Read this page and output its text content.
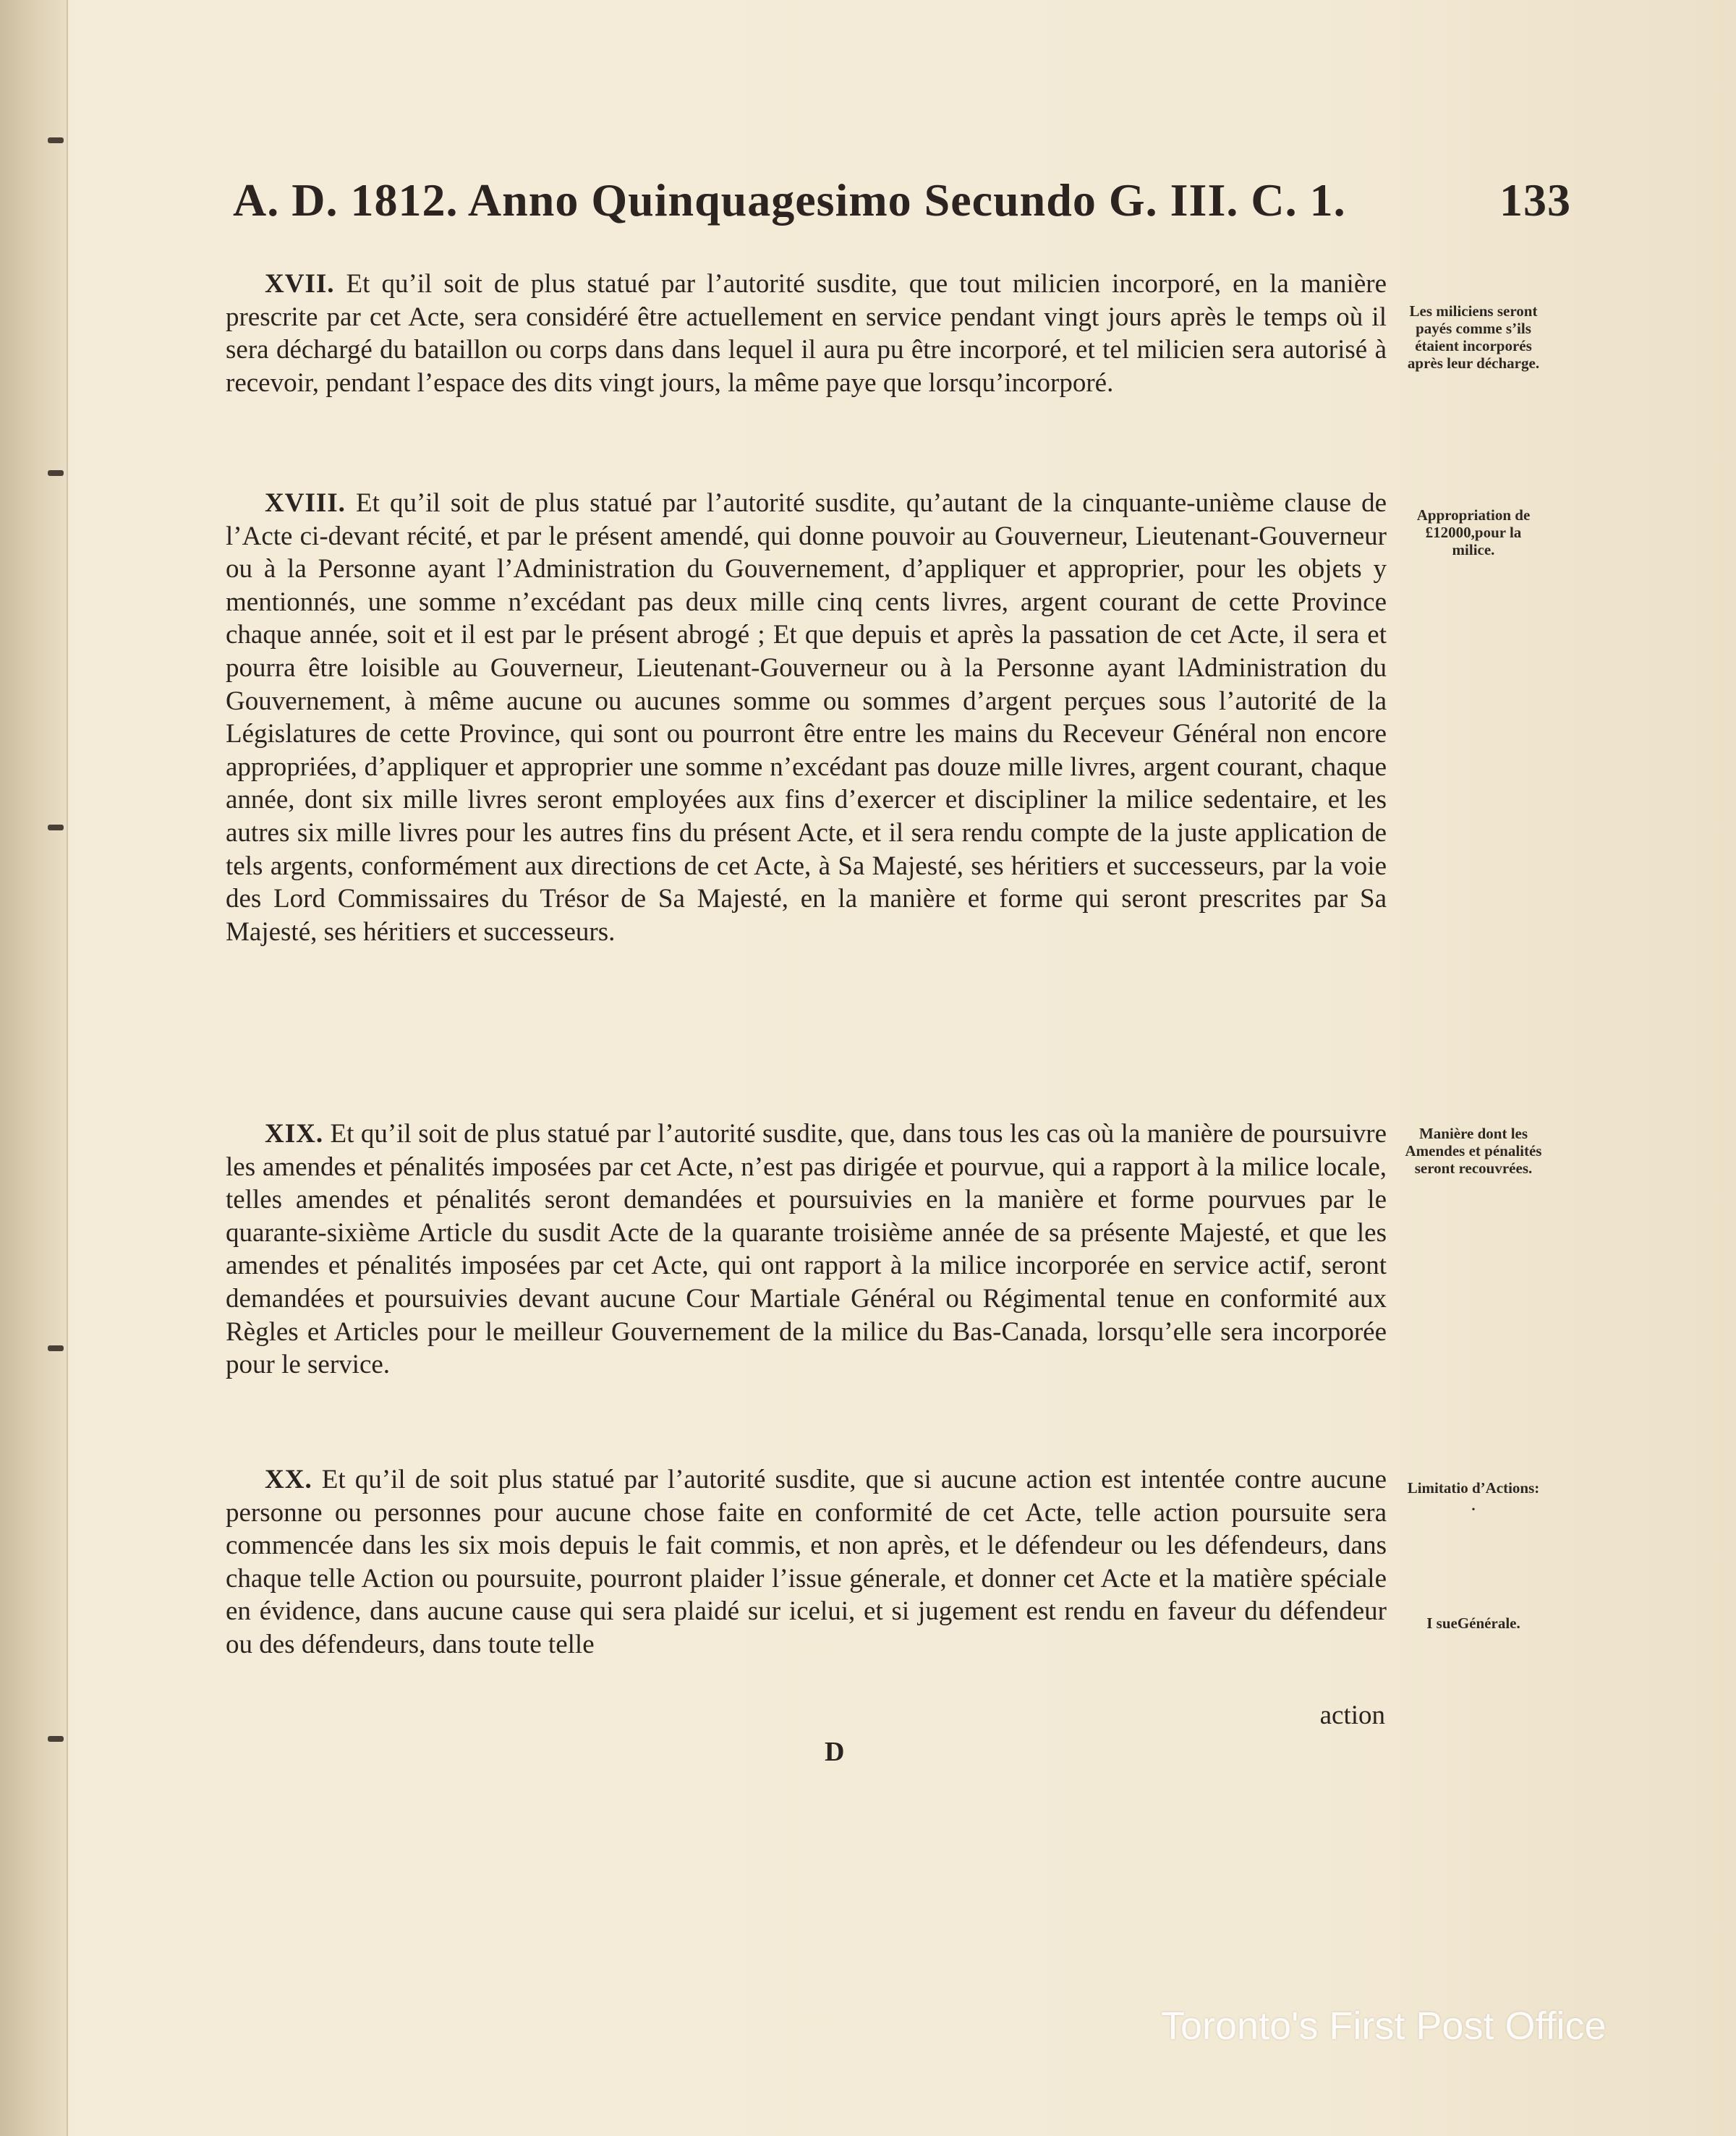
A. D. 1812. Anno Quinquagesimo Secundo G. III. C. 1.	133

XVII. Et qu’il soit de plus statué par l’autorité susdite, que tout milicien incorporé, en la manière prescrite par cet Acte, sera considéré être actuellement en service pendant vingt jours après le temps où il sera déchargé du bataillon ou corps dans dans lequel il aura pu être incorporé, et tel milicien sera autorisé à recevoir, pendant l’espace des dits vingt jours, la même paye que lorsqu’incorporé.

XVIII. Et qu’il soit de plus statué par l’autorité susdite, qu’autant de la cinquante-unième clause de l’Acte ci-devant récité, et par le présent amendé, qui donne pouvoir au Gouverneur, Lieutenant-Gouverneur ou à la Personne ayant l’Administration du Gouvernement, d’appliquer et approprier, pour les objets y mentionnés, une somme n’excédant pas deux mille cinq cents livres, argent courant de cette Province chaque année, soit et il est par le présent abrogé ; Et que depuis et après la passation de cet Acte, il sera et pourra être loisible au Gouverneur, Lieutenant-Gouverneur ou à la Personne ayant lAdministration du Gouvernement, à même aucune ou aucunes somme ou sommes d’argent perçues sous l’autorité de la Législatures de cette Province, qui sont ou pourront être entre les mains du Receveur Général non encore appropriées, d’appliquer et approprier une somme n’excédant pas douze mille livres, argent courant, chaque année, dont six mille livres seront employées aux fins d’exercer et discipliner la milice sedentaire, et les autres six mille livres pour les autres fins du présent Acte, et il sera rendu compte de la juste application de tels argents, conformément aux directions de cet Acte, à Sa Majesté, ses héritiers et successeurs, par la voie des Lord Commissaires du Trésor de Sa Majesté, en la manière et forme qui seront prescrites par Sa Majesté, ses héritiers et successeurs.

XIX. Et qu’il soit de plus statué par l’autorité susdite, que, dans tous les cas où la manière de poursuivre les amendes et pénalités imposées par cet Acte, n’est pas dirigée et pourvue, qui a rapport à la milice locale, telles amendes et pénalités seront demandées et poursuivies en la manière et forme pourvues par le quarante-sixième Article du susdit Acte de la quarante troisième année de sa présente Majesté, et que les amendes et pénalités imposées par cet Acte, qui ont rapport à la milice incorporée en service actif, seront demandées et poursuivies devant aucune Cour Martiale Général ou Régimental tenue en conformité aux Règles et Articles pour le meilleur Gouvernement de la milice du Bas-Canada, lorsqu’elle sera incorporée pour le service.

XX. Et qu’il de soit plus statué par l’autorité susdite, que si aucune action est intentée contre aucune personne ou personnes pour aucune chose faite en conformité de cet Acte, telle action poursuite sera commencée dans les six mois depuis le fait commis, et non après, et le défendeur ou les défendeurs, dans chaque telle Action ou poursuite, pourront plaider l’issue génerale, et donner cet Acte et la matière spéciale en évidence, dans aucune cause qui sera plaidé sur icelui, et si jugement est rendu en faveur du défendeur ou des défendeurs, dans toute telle

action
D
Les miliciens seront payés comme s’ils étaient incorporés après leur décharge.
Appropriation de £12000,pour la milice.
Manière dont les Amendes et pénalités seront recouvrées.
Limitatio d’Actions: .
I sueGénérale.
Toronto's First Post Office
